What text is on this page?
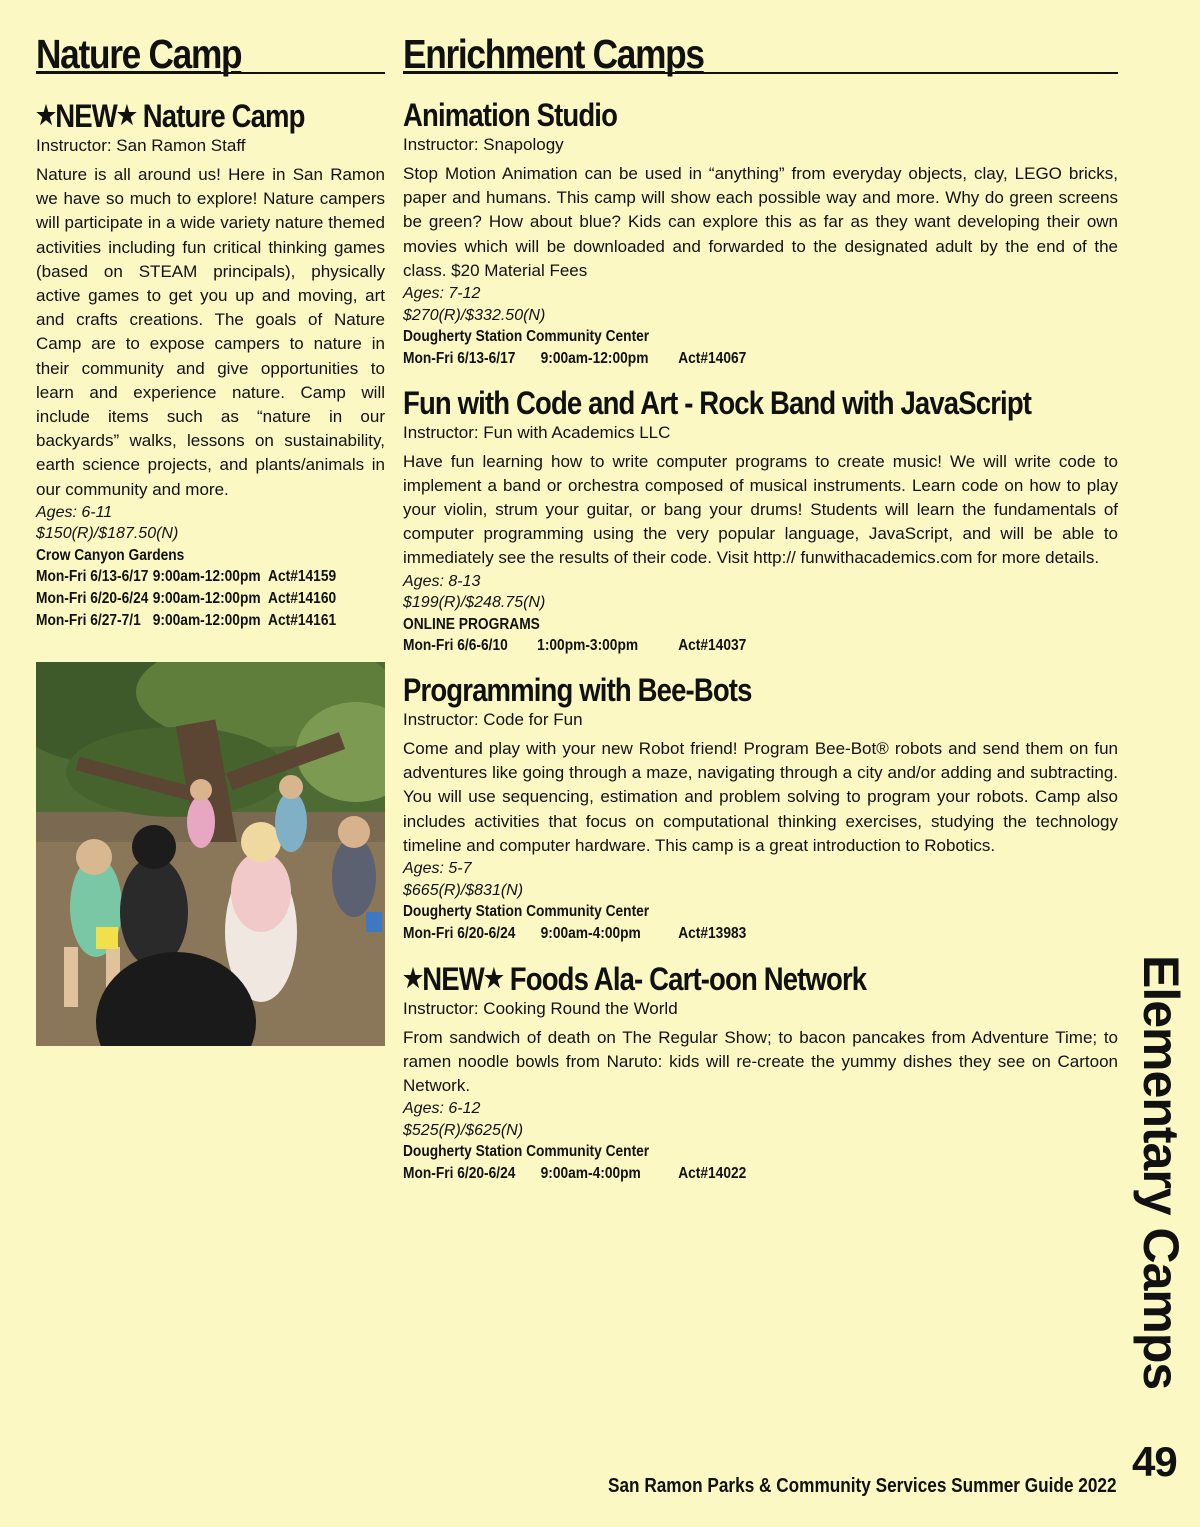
Nature Camp
★NEW★ Nature Camp

Instructor: San Ramon Staff

Nature is all around us! Here in San Ramon we have so much to explore! Nature campers will participate in a wide variety nature themed activities including fun critical thinking games (based on STEAM principals), physically active games to get you up and moving, art and crafts creations. The goals of Nature Camp are to expose campers to nature in their community and give opportunities to learn and experience nature. Camp will include items such as “nature in our backyards” walks, lessons on sustainability, earth science projects, and plants/animals in our community and more.

Ages: 6-11

$150(R)/$187.50(N)

Crow Canyon Gardens

Mon-Fri 6/13-6/17 9:00am-12:00pm Act#14159
Mon-Fri 6/20-6/24 9:00am-12:00pm Act#14160
Mon-Fri 6/27-7/1 9:00am-12:00pm Act#14161
Enrichment Camps
Animation Studio

Instructor: Snapology

Stop Motion Animation can be used in “anything” from everyday objects, clay, LEGO bricks, paper and humans. This camp will show each possible way and more. Why do green screens be green? How about blue? Kids can explore this as far as they want developing their own movies which will be downloaded and forwarded to the designated adult by the end of the class. $20 Material Fees

Ages: 7-12

$270(R)/$332.50(N)

Dougherty Station Community Center

Mon-Fri 6/13-6/17	9:00am-12:00pm	Act#14067
Fun with Code and Art - Rock Band with JavaScript

Instructor: Fun with Academics LLC

Have fun learning how to write computer programs to create music! We will write code to implement a band or orchestra composed of musical instruments. Learn code on how to play your violin, strum your guitar, or bang your drums! Students will learn the fundamentals of computer programming using the very popular language, JavaScript, and will be able to immediately see the results of their code. Visit http:// funwithacademics.com for more details.

Ages: 8-13

$199(R)/$248.75(N)

ONLINE PROGRAMS

Mon-Fri 6/6-6/10	1:00pm-3:00pm	Act#14037
Programming with Bee-Bots

Instructor: Code for Fun

Come and play with your new Robot friend! Program Bee-Bot® robots and send them on fun adventures like going through a maze, navigating through a city and/or adding and subtracting. You will use sequencing, estimation and problem solving to program your robots. Camp also includes activities that focus on computational thinking exercises, studying the technology timeline and computer hardware. This camp is a great introduction to Robotics.

Ages: 5-7

$665(R)/$831(N)

Dougherty Station Community Center

Mon-Fri 6/20-6/24	9:00am-4:00pm	Act#13983
★NEW★ Foods Ala- Cart-oon Network

Instructor: Cooking Round the World

From sandwich of death on The Regular Show; to bacon pancakes from Adventure Time; to ramen noodle bowls from Naruto: kids will re-create the yummy dishes they see on Cartoon Network.

Ages: 6-12

$525(R)/$625(N)

Dougherty Station Community Center

Mon-Fri 6/20-6/24	9:00am-4:00pm	Act#14022	Elementary Camps
49
San Ramon Parks & Community Services Summer Guide 2022
